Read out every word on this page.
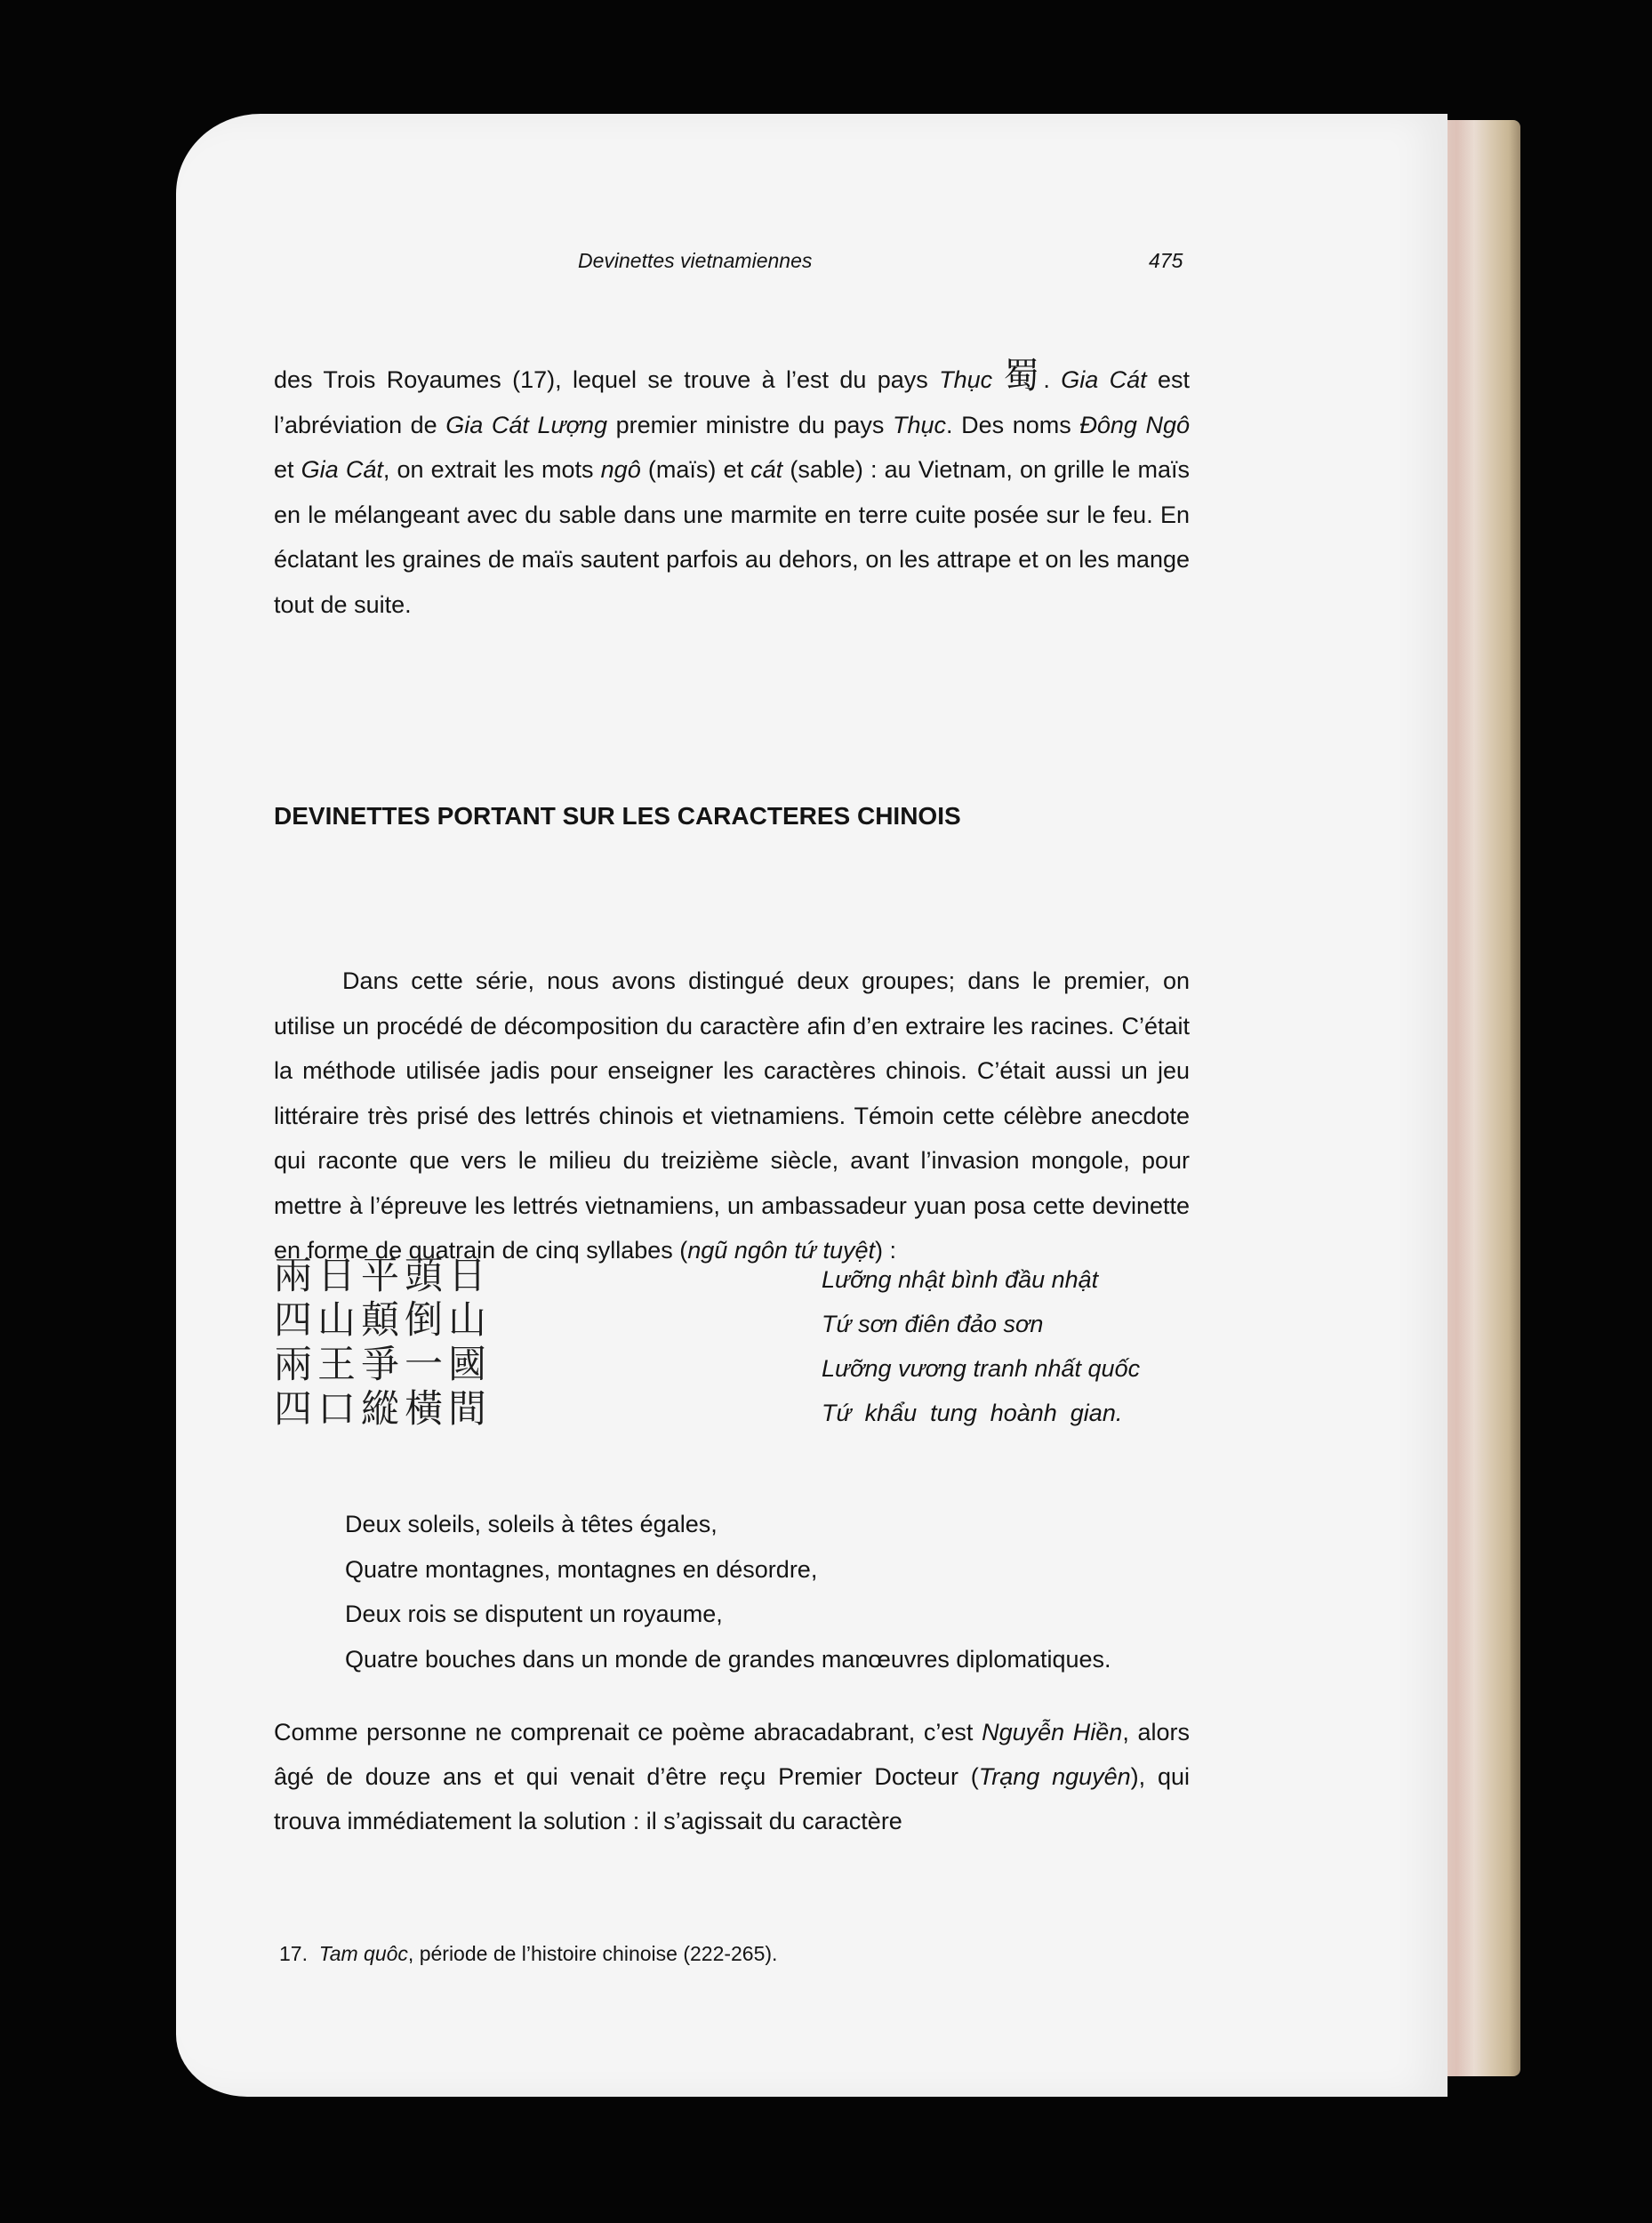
Devinettes vietnamiennes	475

des Trois Royaumes (17), lequel se trouve à l’est du pays Thục 蜀. Gia Cát est l’abréviation de Gia Cát Lượng premier ministre du pays Thục. Des noms Đông Ngô et Gia Cát, on extrait les mots ngô (maïs) et cát (sable) : au Vietnam, on grille le maïs en le mélangeant avec du sable dans une marmite en terre cuite posée sur le feu. En éclatant les graines de maïs sautent parfois au dehors, on les attrape et on les mange tout de suite.

DEVINETTES PORTANT SUR LES CARACTERES CHINOIS

Dans cette série, nous avons distingué deux groupes; dans le premier, on utilise un procédé de décomposition du caractère afin d’en extraire les racines. C’était la méthode utilisée jadis pour enseigner les caractères chinois. C’était aussi un jeu littéraire très prisé des lettrés chinois et vietnamiens. Témoin cette célèbre anecdote qui raconte que vers le milieu du treizième siècle, avant l’invasion mongole, pour mettre à l’épreuve les lettrés vietnamiens, un ambassadeur yuan posa cette devinette en forme de quatrain de cinq syllabes (ngũ ngôn tứ tuyệt) :

兩日平頭日
四山顛倒山
兩王爭一國
四口縱橫間
Lưỡng nhật bình đầu nhật
Tứ sơn điên đảo sơn
Lưỡng vương tranh nhất quốc
Tứ  khẩu  tung  hoành  gian.
Deux soleils, soleils à têtes égales,
Quatre montagnes, montagnes en désordre,
Deux rois se disputent un royaume,
Quatre bouches dans un monde de grandes manœuvres diplomatiques.

Comme personne ne comprenait ce poème abracadabrant, c’est Nguyễn Hiền, alors âgé de douze ans et qui venait d’être reçu Premier Docteur (Trạng nguyên), qui trouva immédiatement la solution : il s’agissait du caractère

17. Tam quôc, période de l’histoire chinoise (222-265).
